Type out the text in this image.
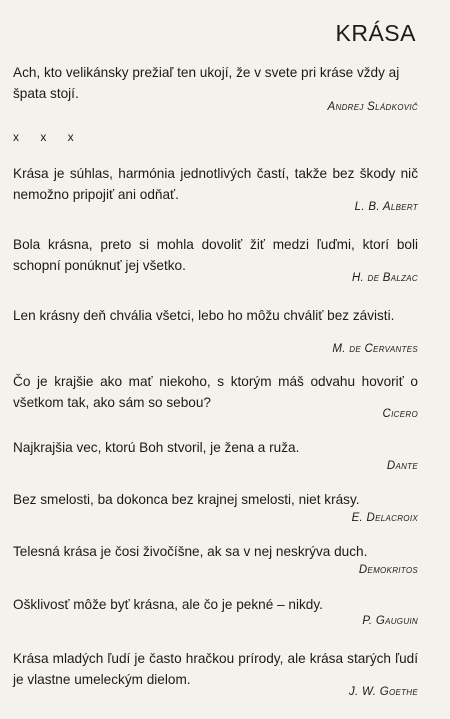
KRÁSA

Ach, kto velikánsky prežiaľ ten ukojí, že v svete pri kráse vždy aj špata stojí.

Andrej Sládkovič

x x x

Krása je súhlas, harmónia jednotlivých častí, takže bez škody nič nemožno pripojiť ani odňať.

L. B. Albert

Bola krásna, preto si mohla dovoliť žiť medzi ľuďmi, ktorí boli schopní ponúknuť jej všetko.

H. de Balzac

Len krásny deň chvália všetci, lebo ho môžu chváliť bez závisti.

M. de Cervantes

Čo je krajšie ako mať niekoho, s ktorým máš odvahu hovoriť o všetkom tak, ako sám so sebou?

Cicero

Najkrajšia vec, ktorú Boh stvoril, je žena a ruža.

Dante

Bez smelosti, ba dokonca bez krajnej smelosti, niet krásy.

E. Delacroix

Telesná krása je čosi živočíšne, ak sa v nej neskrýva duch.

Demokritos

Ošklivosť môže byť krásna, ale čo je pekné – nikdy.

P. Gauguin

Krása mladých ľudí je často hračkou prírody, ale krása starých ľudí je vlastne umeleckým dielom.

J. W. Goethe
